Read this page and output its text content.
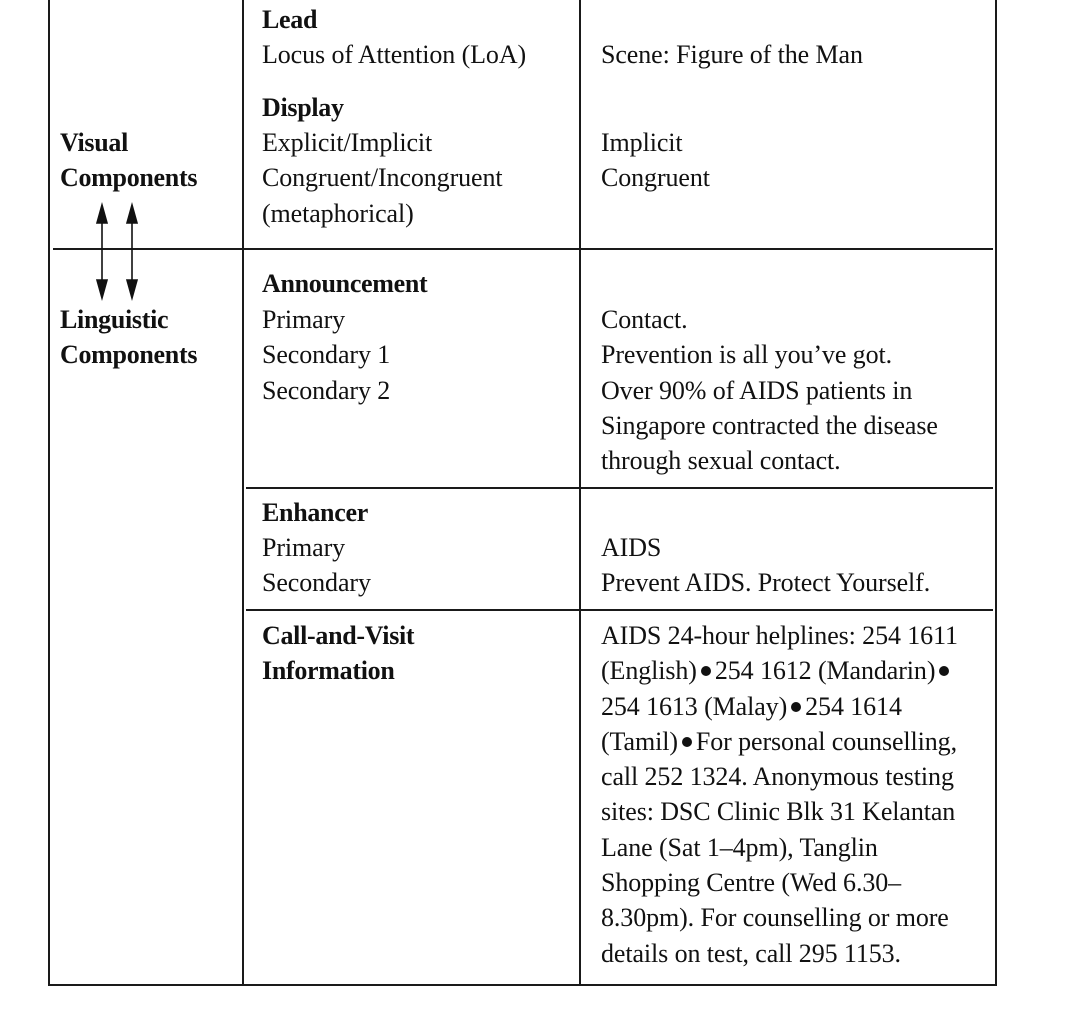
Visual
Components
Linguistic
Components
Lead
Locus of Attention (LoA)	Scene: Figure of the Man
Display
Explicit/Implicit
Congruent/Incongruent
(metaphorical)
Implicit
Congruent
Announcement
Primary
Secondary 1
Secondary 2
Contact.
Prevention is all you’ve got.
Over 90% of AIDS patients in
Singapore contracted the disease
through sexual contact.
Enhancer
Primary
Secondary
AIDS
Prevent AIDS. Protect Yourself.
Call-and-Visit
Information
AIDS 24-hour helplines: 254 1611
(English) 254 1612 (Mandarin)
254 1613 (Malay) 254 1614
(Tamil) For personal counselling,
call 252 1324. Anonymous testing
sites: DSC Clinic Blk 31 Kelantan
Lane (Sat 1–4pm), Tanglin
Shopping Centre (Wed 6.30–
8.30pm). For counselling or more
details on test, call 295 1153.
